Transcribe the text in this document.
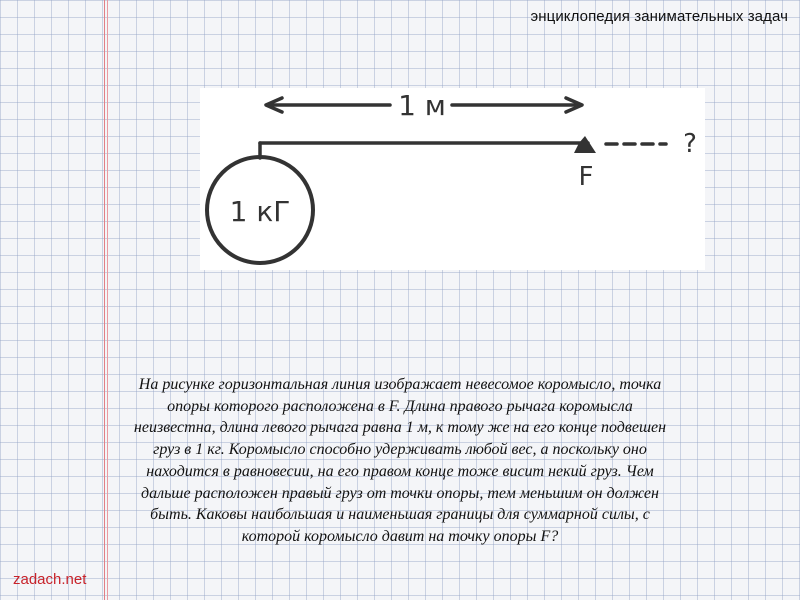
энциклопедия занимательных задач
1 м
1 кГ
F
?

На рисунке горизонтальная линия изображает невесомое коромысло, точка опоры которого расположена в F. Длина правого рычага коромысла неизвестна, длина левого рычага равна 1 м, к тому же на его конце подвешен груз в 1 кг. Коромысло способно удерживать любой вес, а поскольку оно находится в равновесии, на его правом конце тоже висит некий груз. Чем дальше расположен правый груз от точки опоры, тем меньшим он должен быть. Каковы наибольшая и наименьшая границы для суммарной силы, с которой коромысло давит на точку опоры F?

zadach.net
